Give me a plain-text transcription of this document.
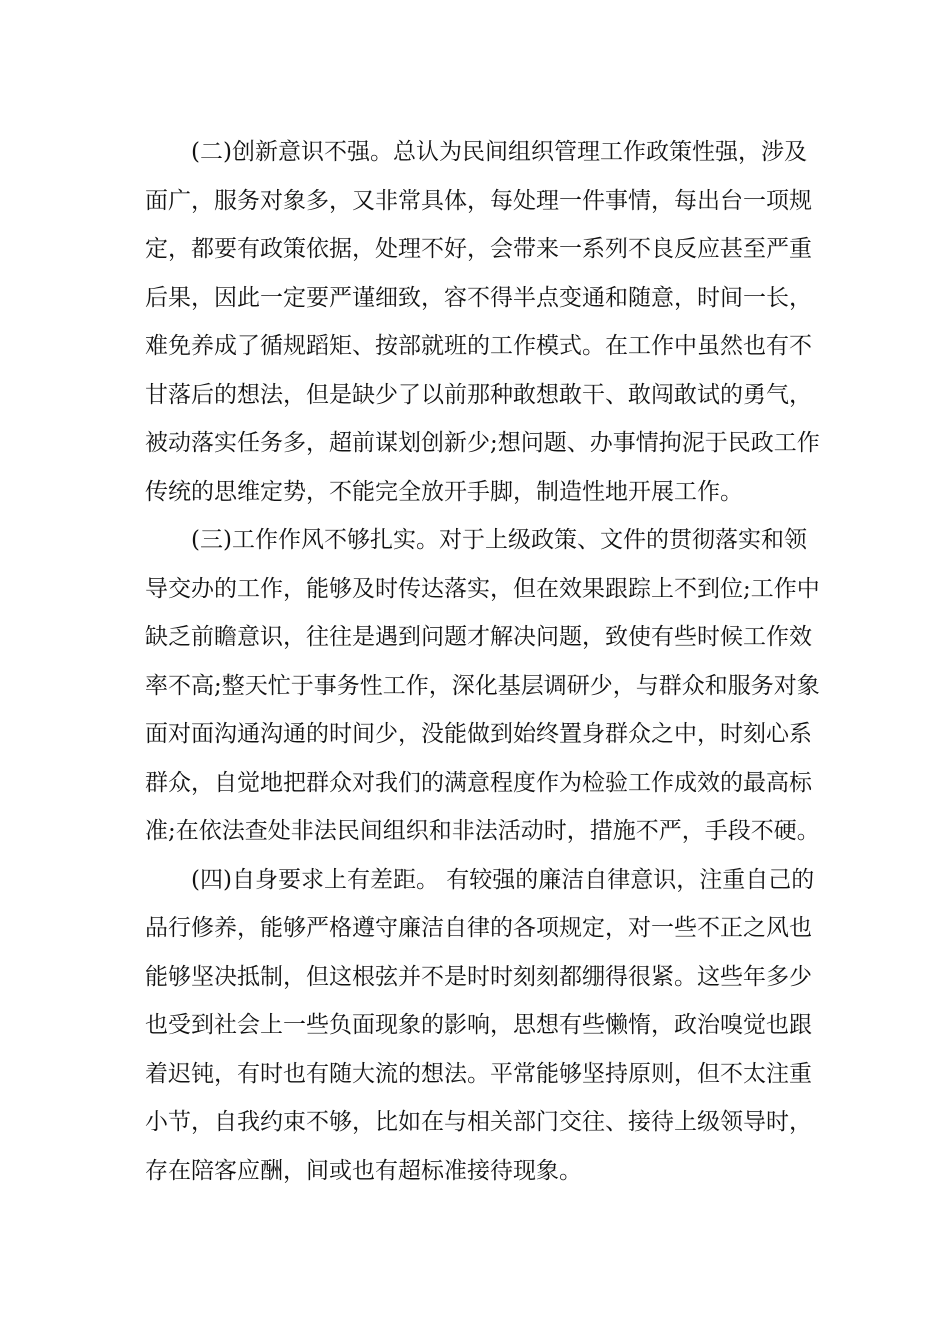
(二)创新意识不强。总认为民间组织管理工作政策性强，涉及
面广，服务对象多，又非常具体，每处理一件事情，每出台一项规
定，都要有政策依据，处理不好，会带来一系列不良反应甚至严重
后果，因此一定要严谨细致，容不得半点变通和随意，时间一长，
难免养成了循规蹈矩、按部就班的工作模式。在工作中虽然也有不
甘落后的想法，但是缺少了以前那种敢想敢干、敢闯敢试的勇气，
被动落实任务多，超前谋划创新少;想问题、办事情拘泥于民政工作
传统的思维定势，不能完全放开手脚，制造性地开展工作。
(三)工作作风不够扎实。对于上级政策、文件的贯彻落实和领
导交办的工作，能够及时传达落实，但在效果跟踪上不到位;工作中
缺乏前瞻意识，往往是遇到问题才解决问题，致使有些时候工作效
率不高;整天忙于事务性工作，深化基层调研少，与群众和服务对象
面对面沟通沟通的时间少，没能做到始终置身群众之中，时刻心系
群众，自觉地把群众对我们的满意程度作为检验工作成效的最高标
准;在依法查处非法民间组织和非法活动时，措施不严，手段不硬。
(四)自身要求上有差距。 有较强的廉洁自律意识，注重自己的
品行修养，能够严格遵守廉洁自律的各项规定，对一些不正之风也
能够坚决抵制，但这根弦并不是时时刻刻都绷得很紧。这些年多少
也受到社会上一些负面现象的影响，思想有些懒惰，政治嗅觉也跟
着迟钝，有时也有随大流的想法。平常能够坚持原则，但不太注重
小节，自我约束不够，比如在与相关部门交往、接待上级领导时，
存在陪客应酬，间或也有超标准接待现象。
